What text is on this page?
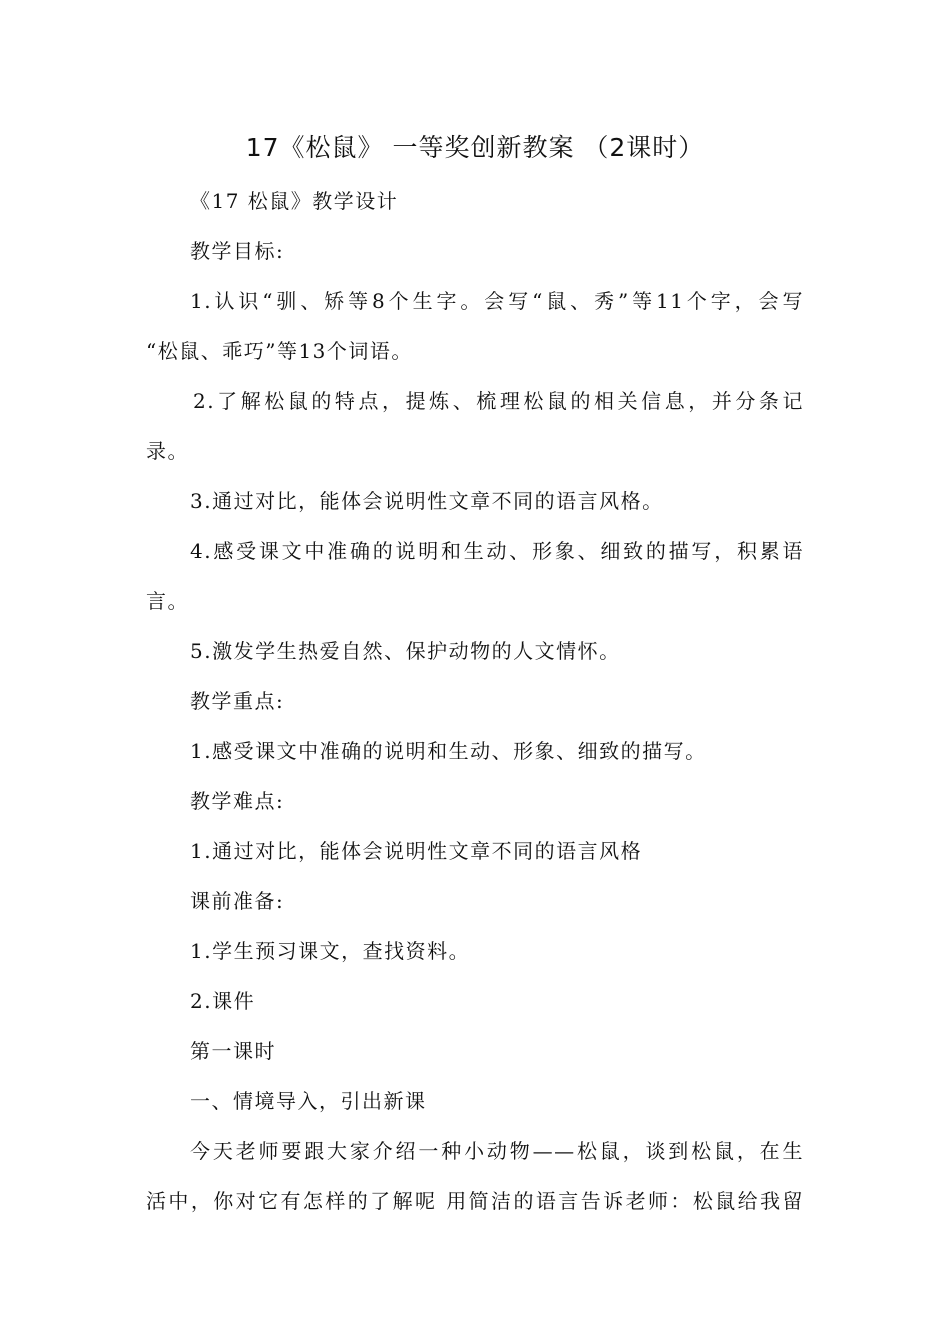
17《松鼠》 一等奖创新教案 （2课时）
《17 松鼠》教学设计
教学目标:
1.认识“驯、矫等8个生字。会写“鼠、秀”等11个字，会写
“松鼠、乖巧”等13个词语。
2.了解松鼠的特点，提炼、梳理松鼠的相关信息，并分条记
录。
3.通过对比，能体会说明性文章不同的语言风格。
4.感受课文中准确的说明和生动、形象、细致的描写，积累语
言。
5.激发学生热爱自然、保护动物的人文情怀。
教学重点:
1.感受课文中准确的说明和生动、形象、细致的描写。
教学难点:
1.通过对比，能体会说明性文章不同的语言风格
课前准备:
1.学生预习课文，查找资料。
2.课件
第一课时
一、情境导入，引出新课
今天老师要跟大家介绍一种小动物——松鼠，谈到松鼠，在生
活中，你对它有怎样的了解呢 用简洁的语言告诉老师：松鼠给我留
